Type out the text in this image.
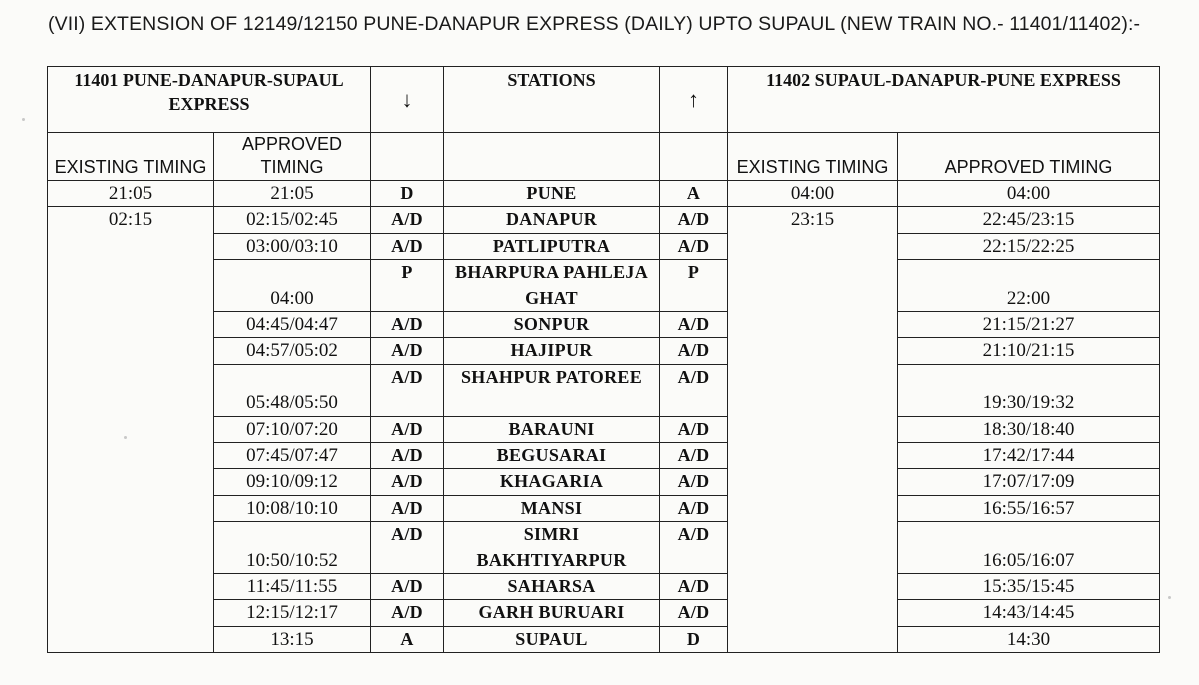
(VII) EXTENSION OF 12149/12150 PUNE-DANAPUR EXPRESS (DAILY) UPTO SUPAUL (NEW TRAIN NO.- 11401/11402):-
11401 PUNE-DANAPUR-SUPAUL EXPRESS		↓	STATIONS	↑	11402 SUPAUL-DANAPUR-PUNE EXPRESS	
EXISTING TIMING	APPROVED TIMING				EXISTING TIMING	APPROVED TIMING
21:05	21:05	D	PUNE	A	04:00	04:00
02:15	02:15/02:45	A/D	DANAPUR	A/D	23:15	22:45/23:15
	03:00/03:10	A/D	PATLIPUTRA	A/D		22:15/22:25
	04:00	P	BHARPURA PAHLEJA GHAT	P		22:00
	04:45/04:47	A/D	SONPUR	A/D		21:15/21:27
	04:57/05:02	A/D	HAJIPUR	A/D		21:10/21:15
	05:48/05:50	A/D	SHAHPUR PATOREE	A/D		19:30/19:32
	07:10/07:20	A/D	BARAUNI	A/D		18:30/18:40
	07:45/07:47	A/D	BEGUSARAI	A/D		17:42/17:44
	09:10/09:12	A/D	KHAGARIA	A/D		17:07/17:09
	10:08/10:10	A/D	MANSI	A/D		16:55/16:57
	10:50/10:52	A/D	SIMRI BAKHTIYARPUR	A/D		16:05/16:07
	11:45/11:55	A/D	SAHARSA	A/D		15:35/15:45
	12:15/12:17	A/D	GARH BURUARI	A/D		14:43/14:45
	13:15	A	SUPAUL	D		14:30
